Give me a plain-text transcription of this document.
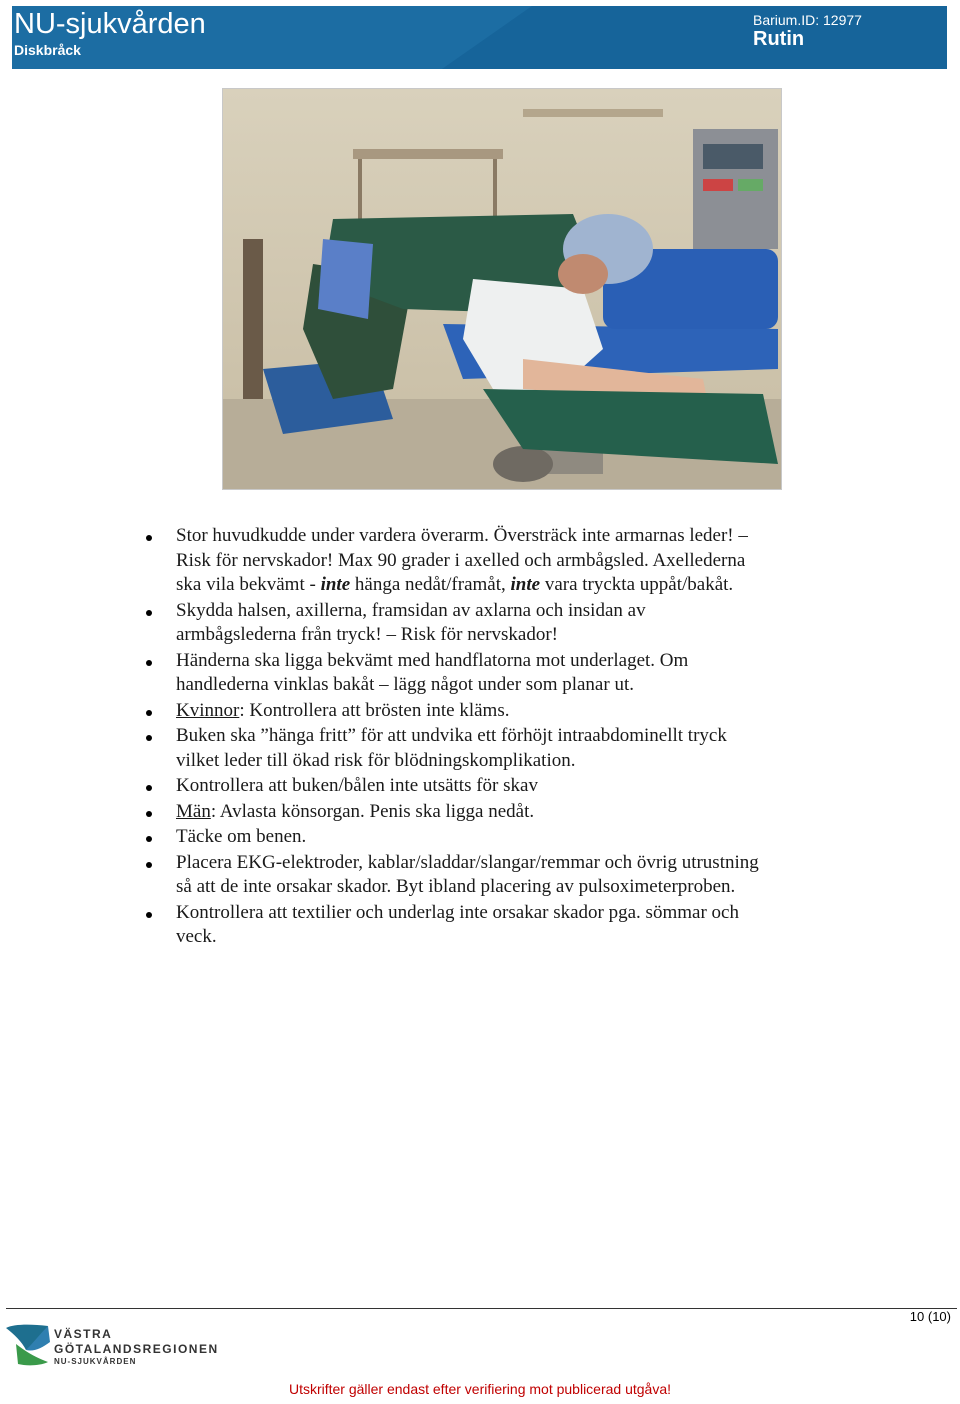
NU-sjukvården
Diskbråck
Barium.ID: 12977
Rutin
Stor huvudkudde under vardera överarm. Översträck inte armarnas leder! – Risk för nervskador! Max 90 grader i axelled och armbågsled. Axellederna ska vila bekvämt - inte hänga nedåt/framåt, inte vara tryckta uppåt/bakåt.
Skydda halsen, axillerna, framsidan av axlarna och insidan av armbågslederna från tryck! – Risk för nervskador!
Händerna ska ligga bekvämt med handflatorna mot underlaget. Om handlederna vinklas bakåt – lägg något under som planar ut.
Kvinnor: Kontrollera att brösten inte kläms.
Buken ska ”hänga fritt” för att undvika ett förhöjt intraabdominellt tryck vilket leder till ökad risk för blödningskomplikation.
Kontrollera att buken/bålen inte utsätts för skav
Män: Avlasta könsorgan. Penis ska ligga nedåt.
Täcke om benen.
Placera EKG-elektroder, kablar/sladdar/slangar/remmar och övrig utrustning så att de inte orsakar skador. Byt ibland placering av pulsoximeterproben.
Kontrollera att textilier och underlag inte orsakar skador pga. sömmar och veck.
10 (10)
VÄSTRA
GÖTALANDSREGIONEN
NU-SJUKVÅRDEN
Utskrifter gäller endast efter verifiering mot publicerad utgåva!
